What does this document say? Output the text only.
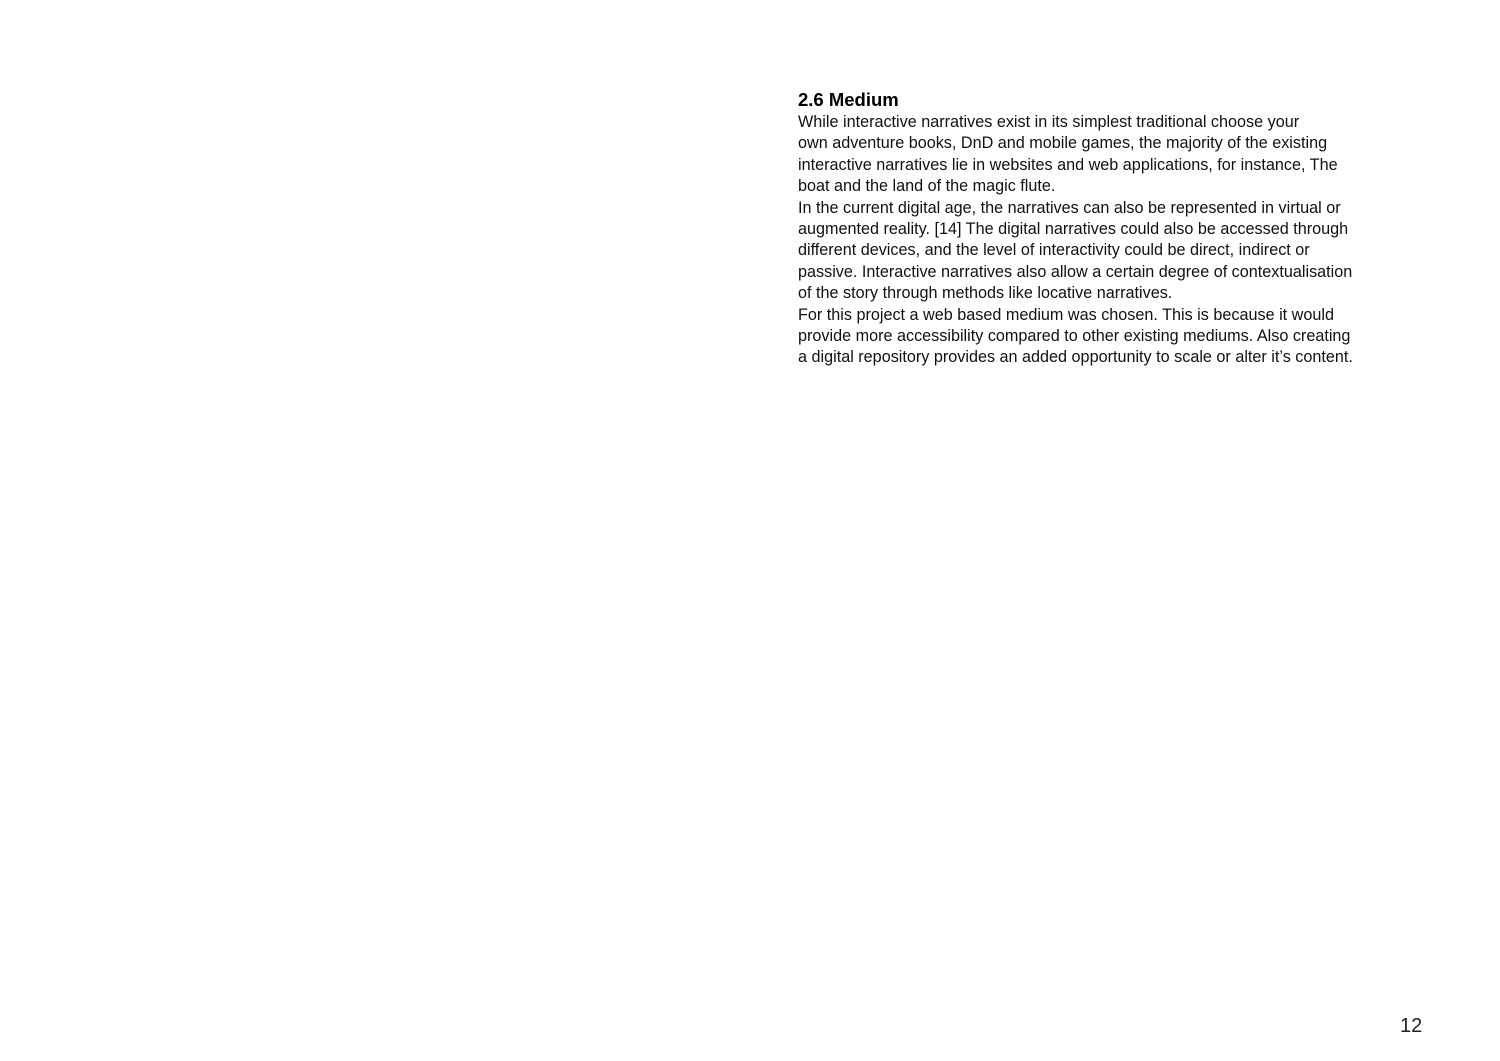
2.6 Medium
While interactive narratives exist in its simplest traditional choose your
own adventure books, DnD and mobile games, the majority of the existing
interactive narratives lie in websites and web applications, for instance, The
boat and the land of the magic flute.
In the current digital age, the narratives can also be represented in virtual or
augmented reality. [14] The digital narratives could also be accessed through
different devices, and the level of interactivity could be direct, indirect or
passive. Interactive narratives also allow a certain degree of contextualisation
of the story through methods like locative narratives.
For this project a web based medium was chosen. This is because it would
provide more accessibility compared to other existing mediums. Also creating
a digital repository provides an added opportunity to scale or alter it’s content.
12
